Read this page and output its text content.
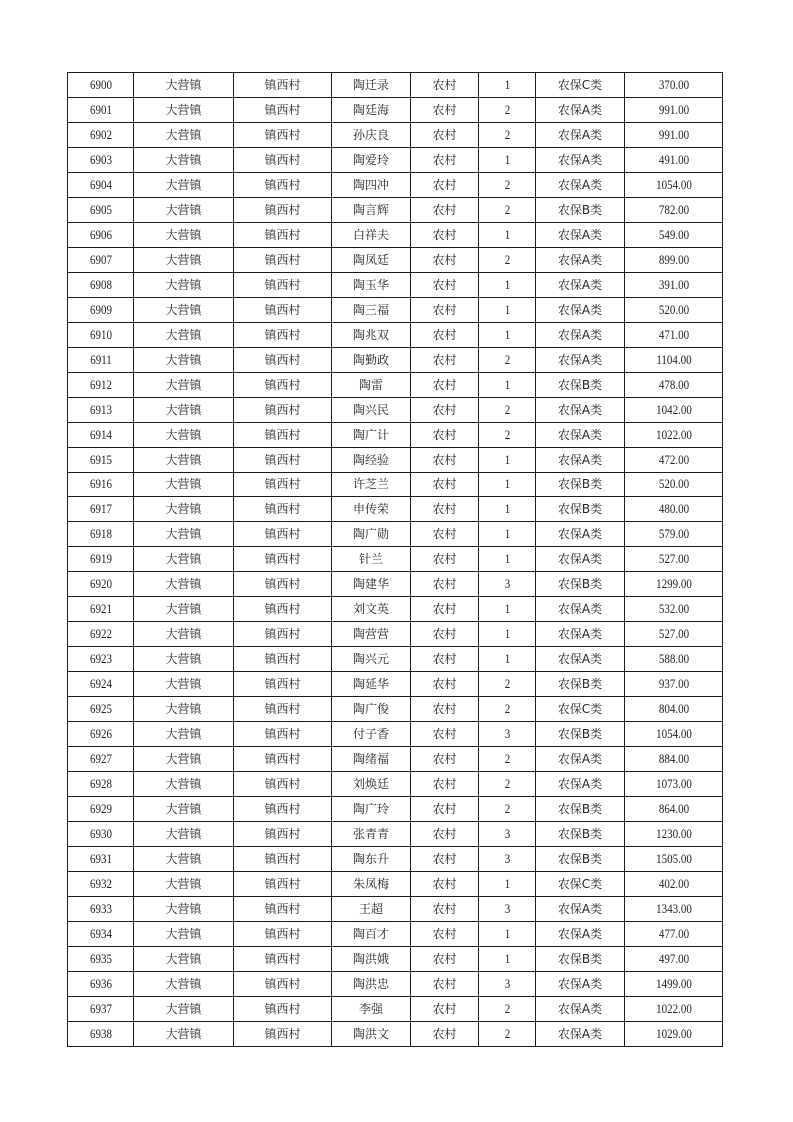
6900	大营镇	镇西村	陶迁录	农村	1	农保C类	370.00
6901	大营镇	镇西村	陶廷海	农村	2	农保A类	991.00
6902	大营镇	镇西村	孙庆良	农村	2	农保A类	991.00
6903	大营镇	镇西村	陶爱玲	农村	1	农保A类	491.00
6904	大营镇	镇西村	陶四冲	农村	2	农保A类	1054.00
6905	大营镇	镇西村	陶言辉	农村	2	农保B类	782.00
6906	大营镇	镇西村	白祥夫	农村	1	农保A类	549.00
6907	大营镇	镇西村	陶凤廷	农村	2	农保A类	899.00
6908	大营镇	镇西村	陶玉华	农村	1	农保A类	391.00
6909	大营镇	镇西村	陶三福	农村	1	农保A类	520.00
6910	大营镇	镇西村	陶兆双	农村	1	农保A类	471.00
6911	大营镇	镇西村	陶勤政	农村	2	农保A类	1104.00
6912	大营镇	镇西村	陶雷	农村	1	农保B类	478.00
6913	大营镇	镇西村	陶兴民	农村	2	农保A类	1042.00
6914	大营镇	镇西村	陶广计	农村	2	农保A类	1022.00
6915	大营镇	镇西村	陶经验	农村	1	农保A类	472.00
6916	大营镇	镇西村	许芝兰	农村	1	农保B类	520.00
6917	大营镇	镇西村	申传荣	农村	1	农保B类	480.00
6918	大营镇	镇西村	陶广勋	农村	1	农保A类	579.00
6919	大营镇	镇西村	针兰	农村	1	农保A类	527.00
6920	大营镇	镇西村	陶建华	农村	3	农保B类	1299.00
6921	大营镇	镇西村	刘文英	农村	1	农保A类	532.00
6922	大营镇	镇西村	陶营营	农村	1	农保A类	527.00
6923	大营镇	镇西村	陶兴元	农村	1	农保A类	588.00
6924	大营镇	镇西村	陶延华	农村	2	农保B类	937.00
6925	大营镇	镇西村	陶广俊	农村	2	农保C类	804.00
6926	大营镇	镇西村	付子香	农村	3	农保B类	1054.00
6927	大营镇	镇西村	陶绪福	农村	2	农保A类	884.00
6928	大营镇	镇西村	刘焕廷	农村	2	农保A类	1073.00
6929	大营镇	镇西村	陶广玲	农村	2	农保B类	864.00
6930	大营镇	镇西村	张青青	农村	3	农保B类	1230.00
6931	大营镇	镇西村	陶东升	农村	3	农保B类	1505.00
6932	大营镇	镇西村	朱凤梅	农村	1	农保C类	402.00
6933	大营镇	镇西村	王超	农村	3	农保A类	1343.00
6934	大营镇	镇西村	陶百才	农村	1	农保A类	477.00
6935	大营镇	镇西村	陶洪娥	农村	1	农保B类	497.00
6936	大营镇	镇西村	陶洪忠	农村	3	农保A类	1499.00
6937	大营镇	镇西村	李强	农村	2	农保A类	1022.00
6938	大营镇	镇西村	陶洪文	农村	2	农保A类	1029.00
